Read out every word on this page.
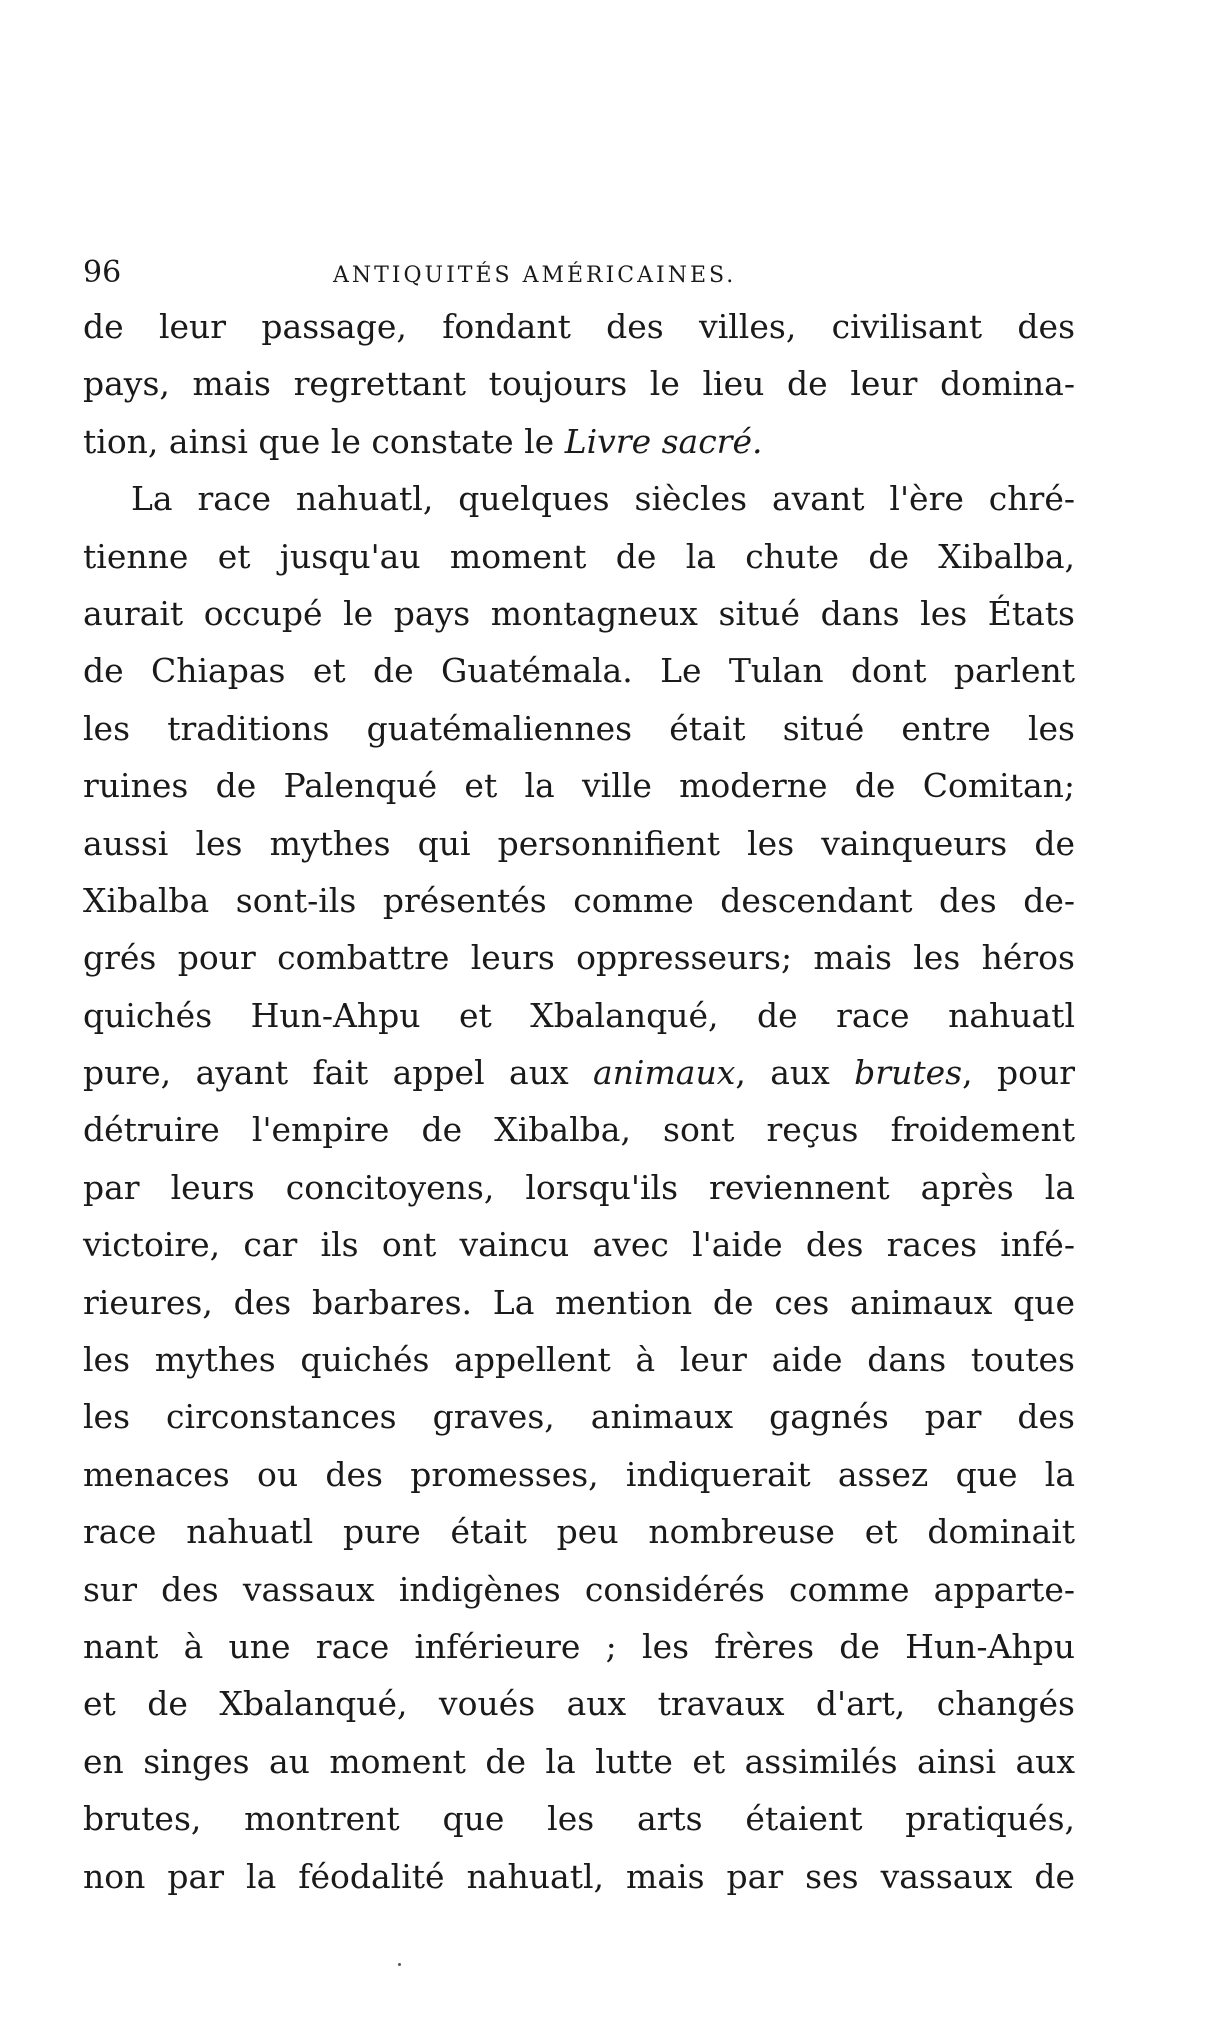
96	ANTIQUITÉS AMÉRICAINES.
de leur passage, fondant des villes, civilisant des
pays, mais regrettant toujours le lieu de leur domina-
tion, ainsi que le constate le Livre sacré.
La race nahuatl, quelques siècles avant l'ère chré-
tienne et jusqu'au moment de la chute de Xibalba,
aurait occupé le pays montagneux situé dans les États
de Chiapas et de Guatémala. Le Tulan dont parlent
les traditions guatémaliennes était situé entre les
ruines de Palenqué et la ville moderne de Comitan;
aussi les mythes qui personnifient les vainqueurs de
Xibalba sont-ils présentés comme descendant des de-
grés pour combattre leurs oppresseurs; mais les héros
quichés Hun-Ahpu et Xbalanqué, de race nahuatl
pure, ayant fait appel aux animaux, aux brutes, pour
détruire l'empire de Xibalba, sont reçus froidement
par leurs concitoyens, lorsqu'ils reviennent après la
victoire, car ils ont vaincu avec l'aide des races infé-
rieures, des barbares. La mention de ces animaux que
les mythes quichés appellent à leur aide dans toutes
les circonstances graves, animaux gagnés par des
menaces ou des promesses, indiquerait assez que la
race nahuatl pure était peu nombreuse et dominait
sur des vassaux indigènes considérés comme apparte-
nant à une race inférieure ; les frères de Hun-Ahpu
et de Xbalanqué, voués aux travaux d'art, changés
en singes au moment de la lutte et assimilés ainsi aux
brutes, montrent que les arts étaient pratiqués,
non par la féodalité nahuatl, mais par ses vassaux de
